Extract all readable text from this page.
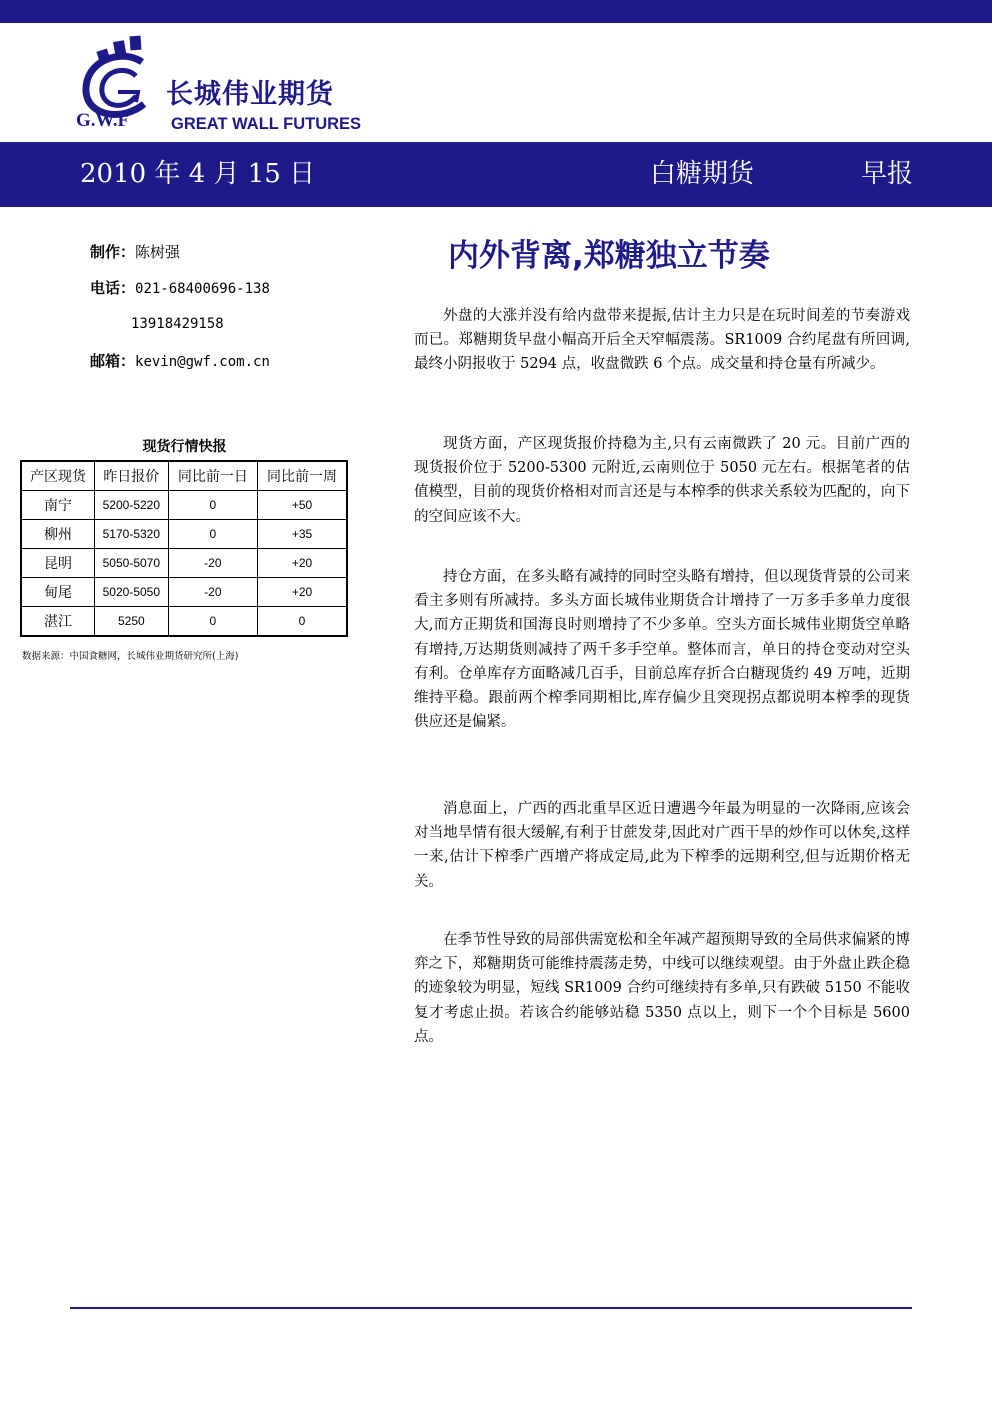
长城伟业期货
G.W.F	GREAT WALL FUTURES
2010 年 4 月 15 日	白糖期货	早报
制作：陈树强
电话：021-68400696-138
13918429158
邮箱：kevin@gwf.com.cn
现货行情快报
产区现货	昨日报价	同比前一日	同比前一周
南宁	5200-5220	0	+50
柳州	5170-5320	0	+35
昆明	5050-5070	-20	+20
甸尾	5020-5050	-20	+20
湛江	5250	0	0
数据来源：中国食糖网，长城伟业期货研究所(上海)
内外背离,郑糖独立节奏

外盘的大涨并没有给内盘带来提振,估计主力只是在玩时间差的节奏游戏而已。郑糖期货早盘小幅高开后全天窄幅震荡。SR1009 合约尾盘有所回调,最终小阴报收于 5294 点，收盘微跌 6 个点。成交量和持仓量有所减少。

现货方面，产区现货报价持稳为主,只有云南微跌了 20 元。目前广西的现货报价位于 5200-5300 元附近,云南则位于 5050 元左右。根据笔者的估值模型，目前的现货价格相对而言还是与本榨季的供求关系较为匹配的，向下的空间应该不大。

持仓方面，在多头略有减持的同时空头略有增持，但以现货背景的公司来看主多则有所减持。多头方面长城伟业期货合计增持了一万多手多单力度很大,而方正期货和国海良时则增持了不少多单。空头方面长城伟业期货空单略有增持,万达期货则减持了两千多手空单。整体而言，单日的持仓变动对空头有利。仓单库存方面略减几百手，目前总库存折合白糖现货约 49 万吨，近期维持平稳。跟前两个榨季同期相比,库存偏少且突现拐点都说明本榨季的现货供应还是偏紧。

消息面上，广西的西北重旱区近日遭遇今年最为明显的一次降雨,应该会对当地旱情有很大缓解,有利于甘蔗发芽,因此对广西干旱的炒作可以休矣,这样一来,估计下榨季广西增产将成定局,此为下榨季的远期利空,但与近期价格无关。

在季节性导致的局部供需宽松和全年减产超预期导致的全局供求偏紧的博弈之下，郑糖期货可能维持震荡走势，中线可以继续观望。由于外盘止跌企稳的迹象较为明显，短线 SR1009 合约可继续持有多单,只有跌破 5150 不能收复才考虑止损。若该合约能够站稳 5350 点以上，则下一个个目标是 5600 点。
